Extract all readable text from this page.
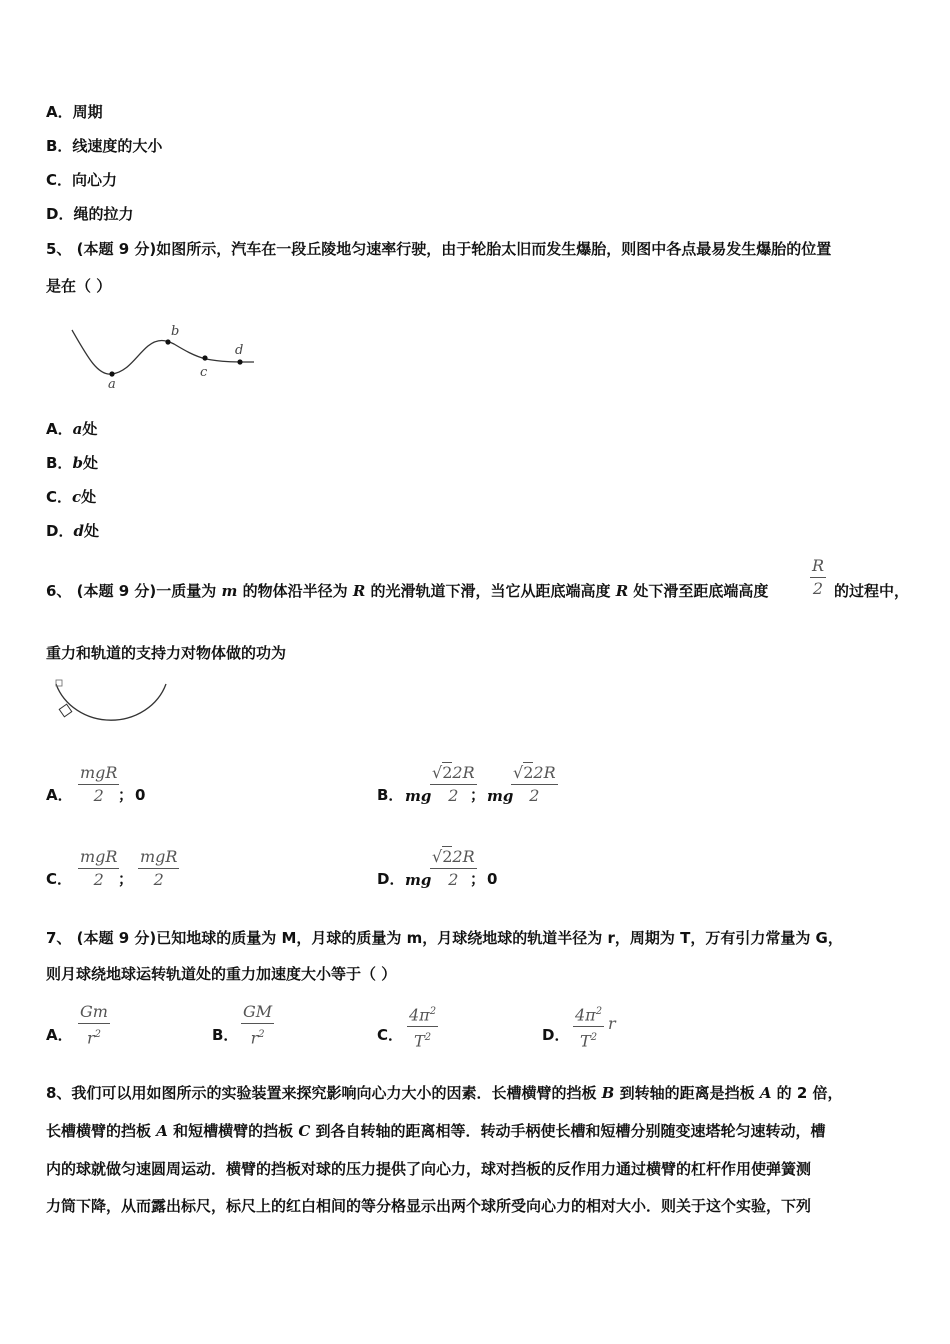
A．周期
B．线速度的大小
C．向心力
D．绳的拉力
5、 (本题 9 分)如图所示，汽车在一段丘陵地匀速率行驶，由于轮胎太旧而发生爆胎，则图中各点最易发生爆胎的位置
是在（ ）
a
b
c
d
A．a处
B．b处
C．c处
D．d处
6、 (本题 9 分)一质量为 m 的物体沿半径为 R 的光滑轨道下滑，当它从距底端高度 R 处下滑至距底端高度
R
2 的过程中，
重力和轨道的支持力对物体做的功为
A．
mgR
2 ； 0	B． mg
√22R
2 ； mg
√22R
2
C．
mgR
2 ；
mgR
2	D． mg
√22R
2 ； 0
7、 (本题 9 分)已知地球的质量为 M，月球的质量为 m，月球绕地球的轨道半径为 r，周期为 T，万有引力常量为 G，
则月球绕地球运转轨道处的重力加速度大小等于（ ）
A．
Gm
$r^2$	B．
GM
$r^2$	C．
$4\pi^2$
$T^2$	D．
$4\pi^2$
$T^2$
r
8、我们可以用如图所示的实验装置来探究影响向心力大小的因素．长槽横臂的挡板 B 到转轴的距离是挡板 A 的 2 倍，
长槽横臂的挡板 A 和短槽横臂的挡板 C 到各自转轴的距离相等．转动手柄使长槽和短槽分别随变速塔轮匀速转动，槽
内的球就做匀速圆周运动．横臂的挡板对球的压力提供了向心力，球对挡板的反作用力通过横臂的杠杆作用使弹簧测
力筒下降，从而露出标尺，标尺上的红白相间的等分格显示出两个球所受向心力的相对大小．则关于这个实验，下列
